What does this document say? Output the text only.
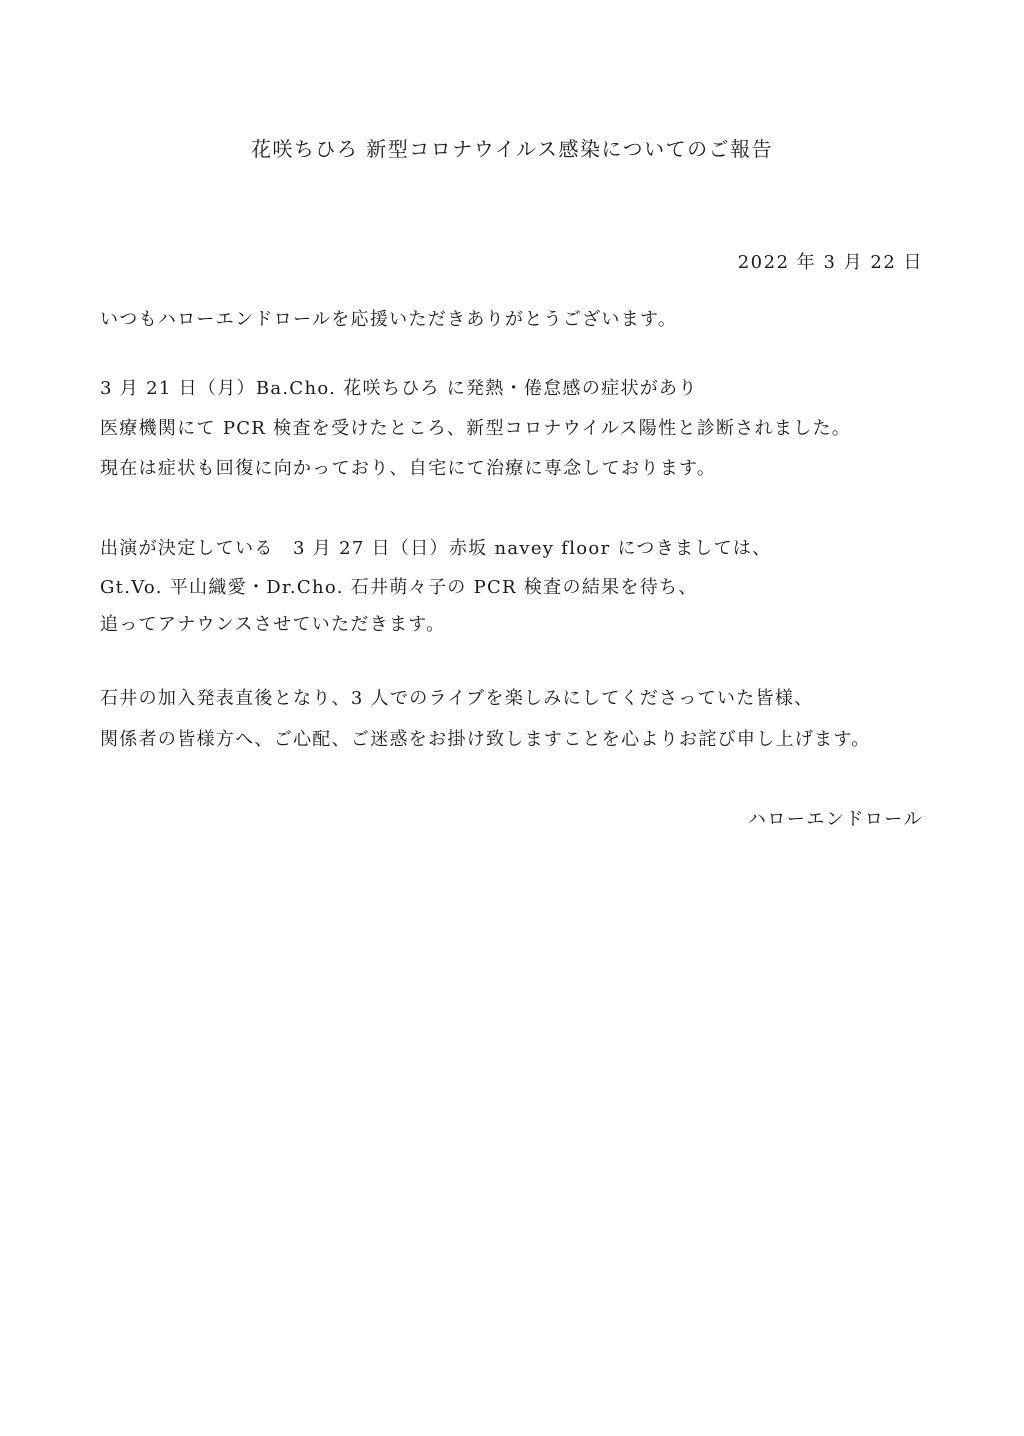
花咲ちひろ 新型コロナウイルス感染についてのご報告
2022 年 3 月 22 日
いつもハローエンドロールを応援いただきありがとうございます。
3 月 21 日（月）Ba.Cho. 花咲ちひろ に発熱・倦怠感の症状があり
医療機関にて PCR 検査を受けたところ、新型コロナウイルス陽性と診断されました。
現在は症状も回復に向かっており、自宅にて治療に専念しております。
出演が決定している　3 月 27 日（日）赤坂 navey floor につきましては、
Gt.Vo. 平山織愛・Dr.Cho. 石井萌々子の PCR 検査の結果を待ち、
追ってアナウンスさせていただきます。
石井の加入発表直後となり、3 人でのライブを楽しみにしてくださっていた皆様、
関係者の皆様方へ、ご心配、ご迷惑をお掛け致しますことを心よりお詫び申し上げます。
ハローエンドロール
